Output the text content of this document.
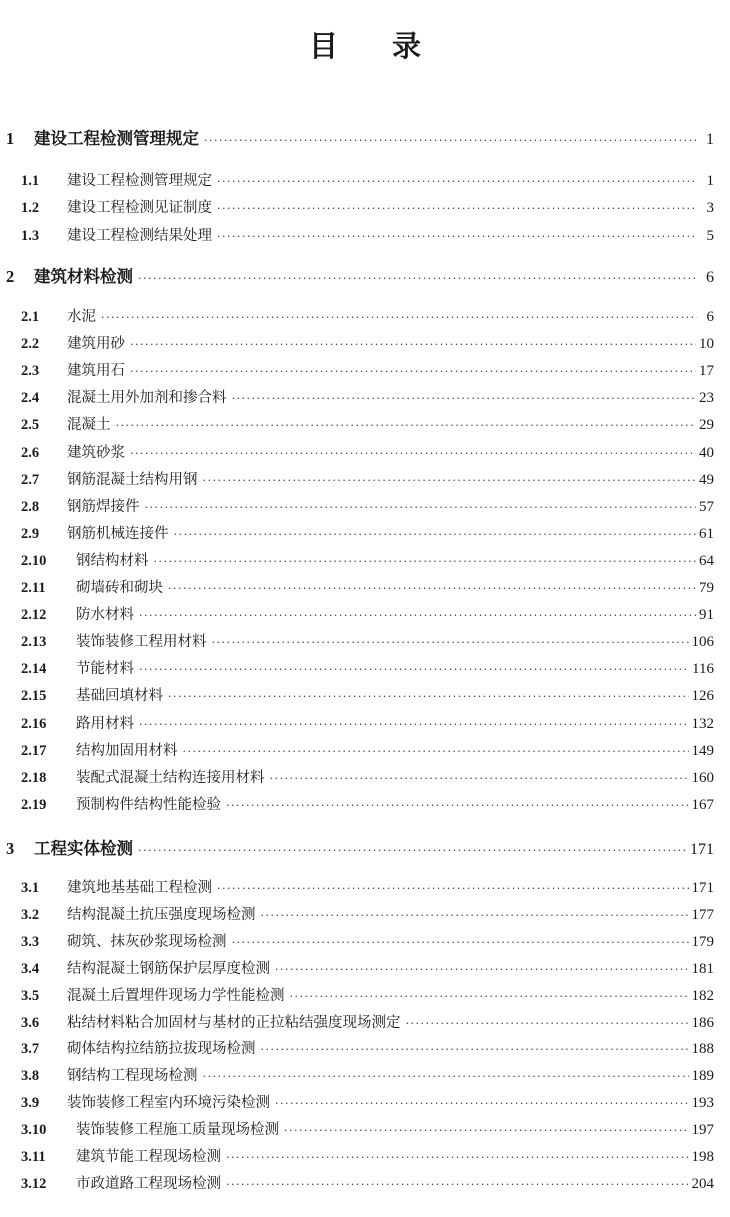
目 录
1	建设工程检测管理规定 ·····	1
1.1	建设工程检测管理规定 ·····	1
1.2	建设工程检测见证制度 ·····	3
1.3	建设工程检测结果处理 ·····	5
2	建筑材料检测 ·····	6
2.1	水泥 ·····	6
2.2	建筑用砂 ·····	10
2.3	建筑用石 ·····	17
2.4	混凝土用外加剂和掺合料 ·····	23
2.5	混凝土 ·····	29
2.6	建筑砂浆 ·····	40
2.7	钢筋混凝土结构用钢 ·····	49
2.8	钢筋焊接件 ·····	57
2.9	钢筋机械连接件 ·····	61
2.10	钢结构材料 ·····	64
2.11	砌墙砖和砌块 ·····	79
2.12	防水材料 ·····	91
2.13	装饰装修工程用材料 ·····	106
2.14	节能材料 ·····	116
2.15	基础回填材料 ·····	126
2.16	路用材料 ·····	132
2.17	结构加固用材料 ·····	149
2.18	装配式混凝土结构连接用材料 ·····	160
2.19	预制构件结构性能检验 ·····	167
3	工程实体检测 ·····	171
3.1	建筑地基基础工程检测 ·····	171
3.2	结构混凝土抗压强度现场检测 ·····	177
3.3	砌筑、抹灰砂浆现场检测 ·····	179
3.4	结构混凝土钢筋保护层厚度检测 ·····	181
3.5	混凝土后置埋件现场力学性能检测 ·····	182
3.6	粘结材料粘合加固材与基材的正拉粘结强度现场测定 ·····	186
3.7	砌体结构拉结筋拉拔现场检测 ·····	188
3.8	钢结构工程现场检测 ·····	189
3.9	装饰装修工程室内环境污染检测 ·····	193
3.10	装饰装修工程施工质量现场检测 ·····	197
3.11	建筑节能工程现场检测 ·····	198
3.12	市政道路工程现场检测 ·····	204
